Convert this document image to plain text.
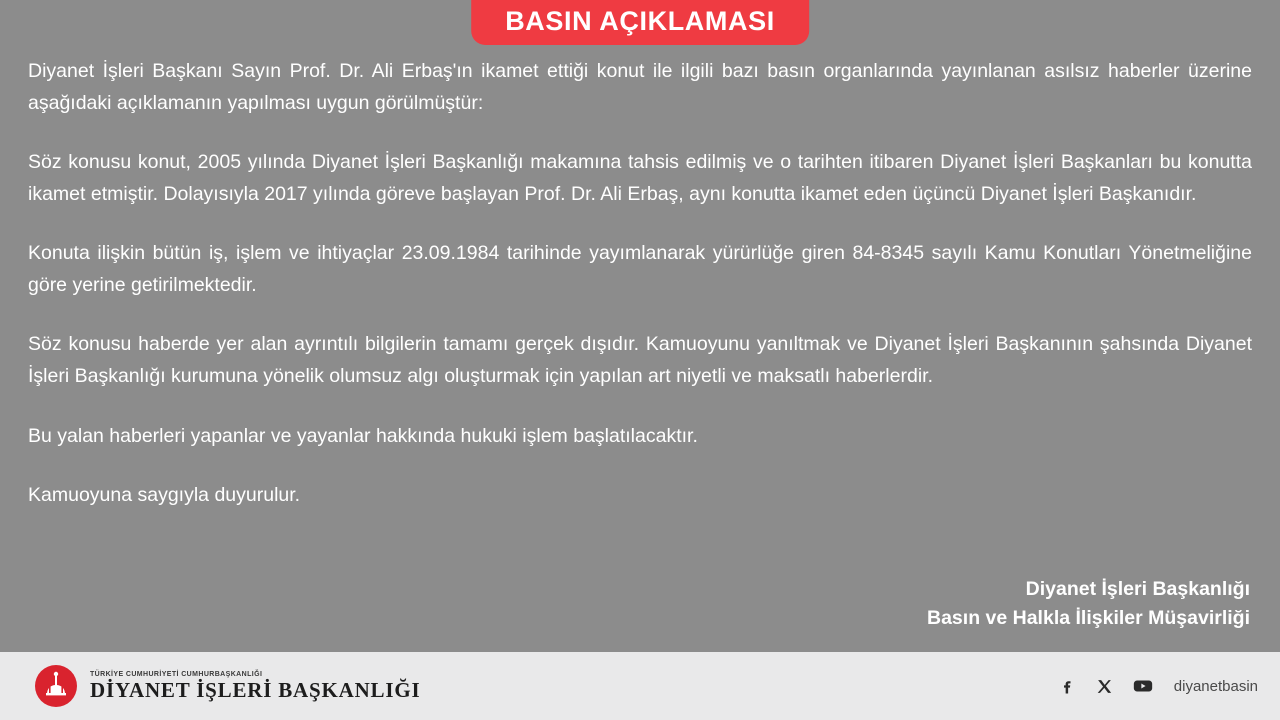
BASIN AÇIKLAMASI

Diyanet İşleri Başkanı Sayın Prof. Dr. Ali Erbaş'ın ikamet ettiği konut ile ilgili bazı basın organlarında yayınlanan asılsız haberler üzerine aşağıdaki açıklamanın yapılması uygun görülmüştür:

Söz konusu konut, 2005 yılında Diyanet İşleri Başkanlığı makamına tahsis edilmiş ve o tarihten itibaren Diyanet İşleri Başkanları bu konutta ikamet etmiştir. Dolayısıyla 2017 yılında göreve başlayan Prof. Dr. Ali Erbaş, aynı konutta ikamet eden üçüncü Diyanet İşleri Başkanıdır.

Konuta ilişkin bütün iş, işlem ve ihtiyaçlar 23.09.1984 tarihinde yayımlanarak yürürlüğe giren 84-8345 sayılı Kamu Konutları Yönetmeliğine göre yerine getirilmektedir.

Söz konusu haberde yer alan ayrıntılı bilgilerin tamamı gerçek dışıdır. Kamuoyunu yanıltmak ve Diyanet İşleri Başkanının şahsında Diyanet İşleri Başkanlığı kurumuna yönelik olumsuz algı oluşturmak için yapılan art niyetli ve maksatlı haberlerdir.

Bu yalan haberleri yapanlar ve yayanlar hakkında hukuki işlem başlatılacaktır.

Kamuoyuna saygıyla duyurulur.

Diyanet İşleri Başkanlığı
Basın ve Halkla İlişkiler Müşavirliği
TÜRKİYE CUMHURİYETİ CUMHURBAŞKANLIĞI
DİYANET İŞLERİ BAŞKANLIĞI	diyanetbasin
